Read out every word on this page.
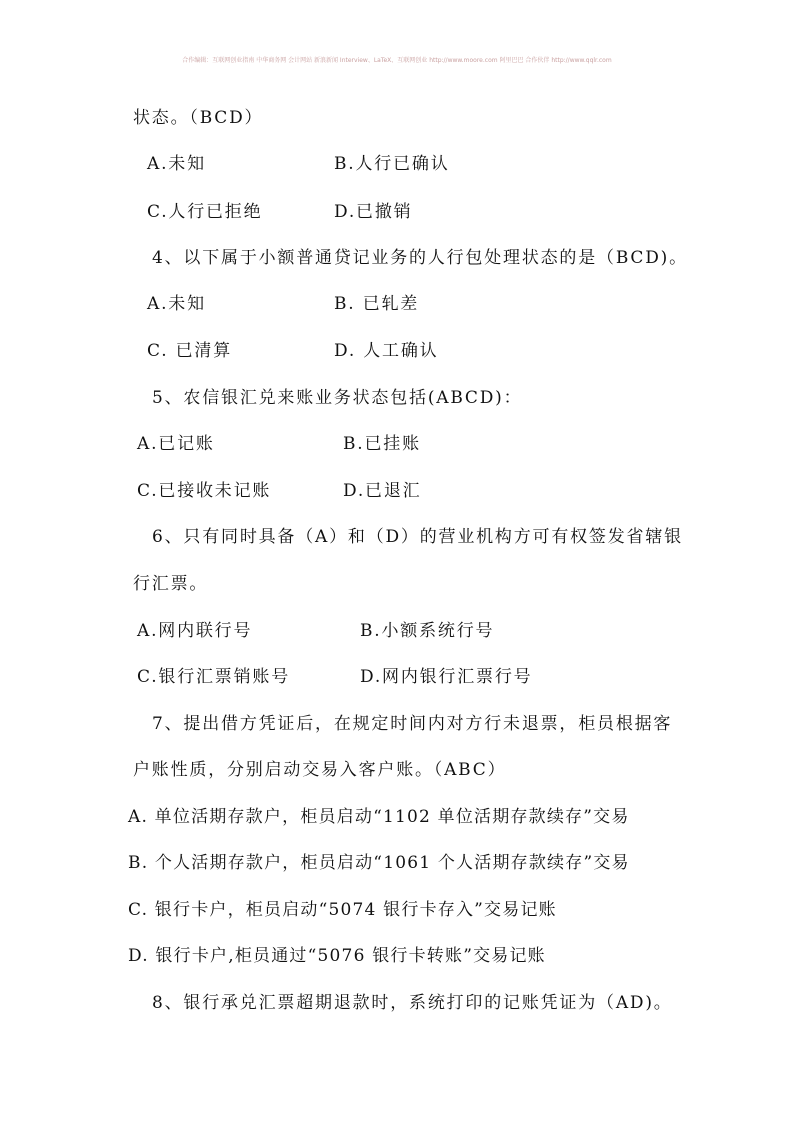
合作编辑：互联网创业指南 中华商务网 会计网站 新浪新闻 Interview、LaTeX、互联网创业 http://www.moore.com 阿里巴巴 合作伙伴 http://www.qqlr.com
状态。（BCD）
A.未知	B.人行已确认
C.人行已拒绝	D.已撤销
4、以下属于小额普通贷记业务的人行包处理状态的是（BCD)。
A.未知	B. 已轧差
C. 已清算	D. 人工确认
5、农信银汇兑来账业务状态包括(ABCD)：
A.已记账	B.已挂账
C.已接收未记账	D.已退汇
6、只有同时具备（A）和（D）的营业机构方可有权签发省辖银
行汇票。
A.网内联行号	B.小额系统行号
C.银行汇票销账号	D.网内银行汇票行号
7、提出借方凭证后，在规定时间内对方行未退票，柜员根据客
户账性质，分别启动交易入客户账。（ABC）
A. 单位活期存款户，柜员启动“1102 单位活期存款续存”交易
B. 个人活期存款户，柜员启动“1061 个人活期存款续存”交易
C. 银行卡户，柜员启动“5074 银行卡存入”交易记账
D. 银行卡户,柜员通过“5076 银行卡转账”交易记账
8、银行承兑汇票超期退款时，系统打印的记账凭证为（AD)。
